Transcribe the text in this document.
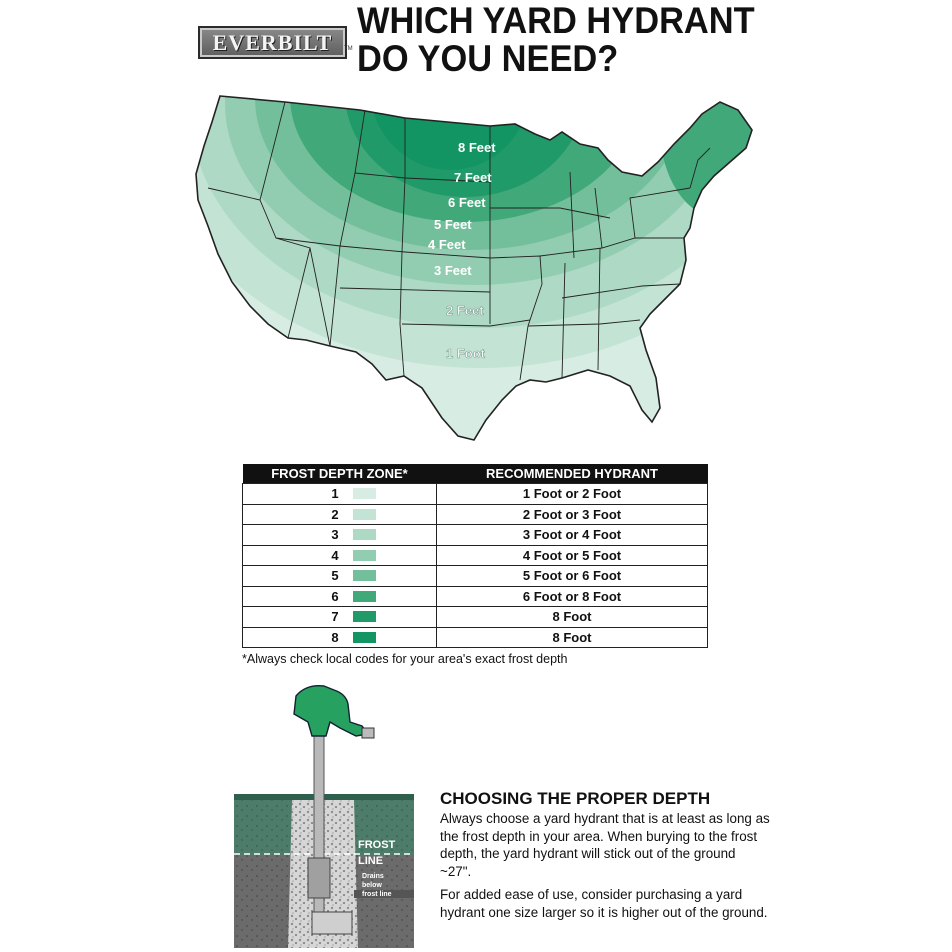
EVERBILT TM
WHICH YARD HYDRANT
DO YOU NEED?
8 Feet
7 Feet
6 Feet
5 Feet
4 Feet
3 Feet
2 Feet
1 Foot
FROST DEPTH ZONE*	RECOMMENDED HYDRANT

1	1 Foot or 2 Foot

2	2 Foot or 3 Foot

3	3 Foot or 4 Foot

4	4 Foot or 5 Foot

5	5 Foot or 6 Foot

6	6 Foot or 8 Foot

7	8 Foot

8	8 Foot
*Always check local codes for your area's exact frost depth
FROST
LINE
Drains
below
frost line
CHOOSING THE PROPER DEPTH

Always choose a yard hydrant that is at least as long as the frost depth in your area. When burying to the frost depth, the yard hydrant will stick out of the ground ~27".

For added ease of use, consider purchasing a yard hydrant one size larger so it is higher out of the ground.
